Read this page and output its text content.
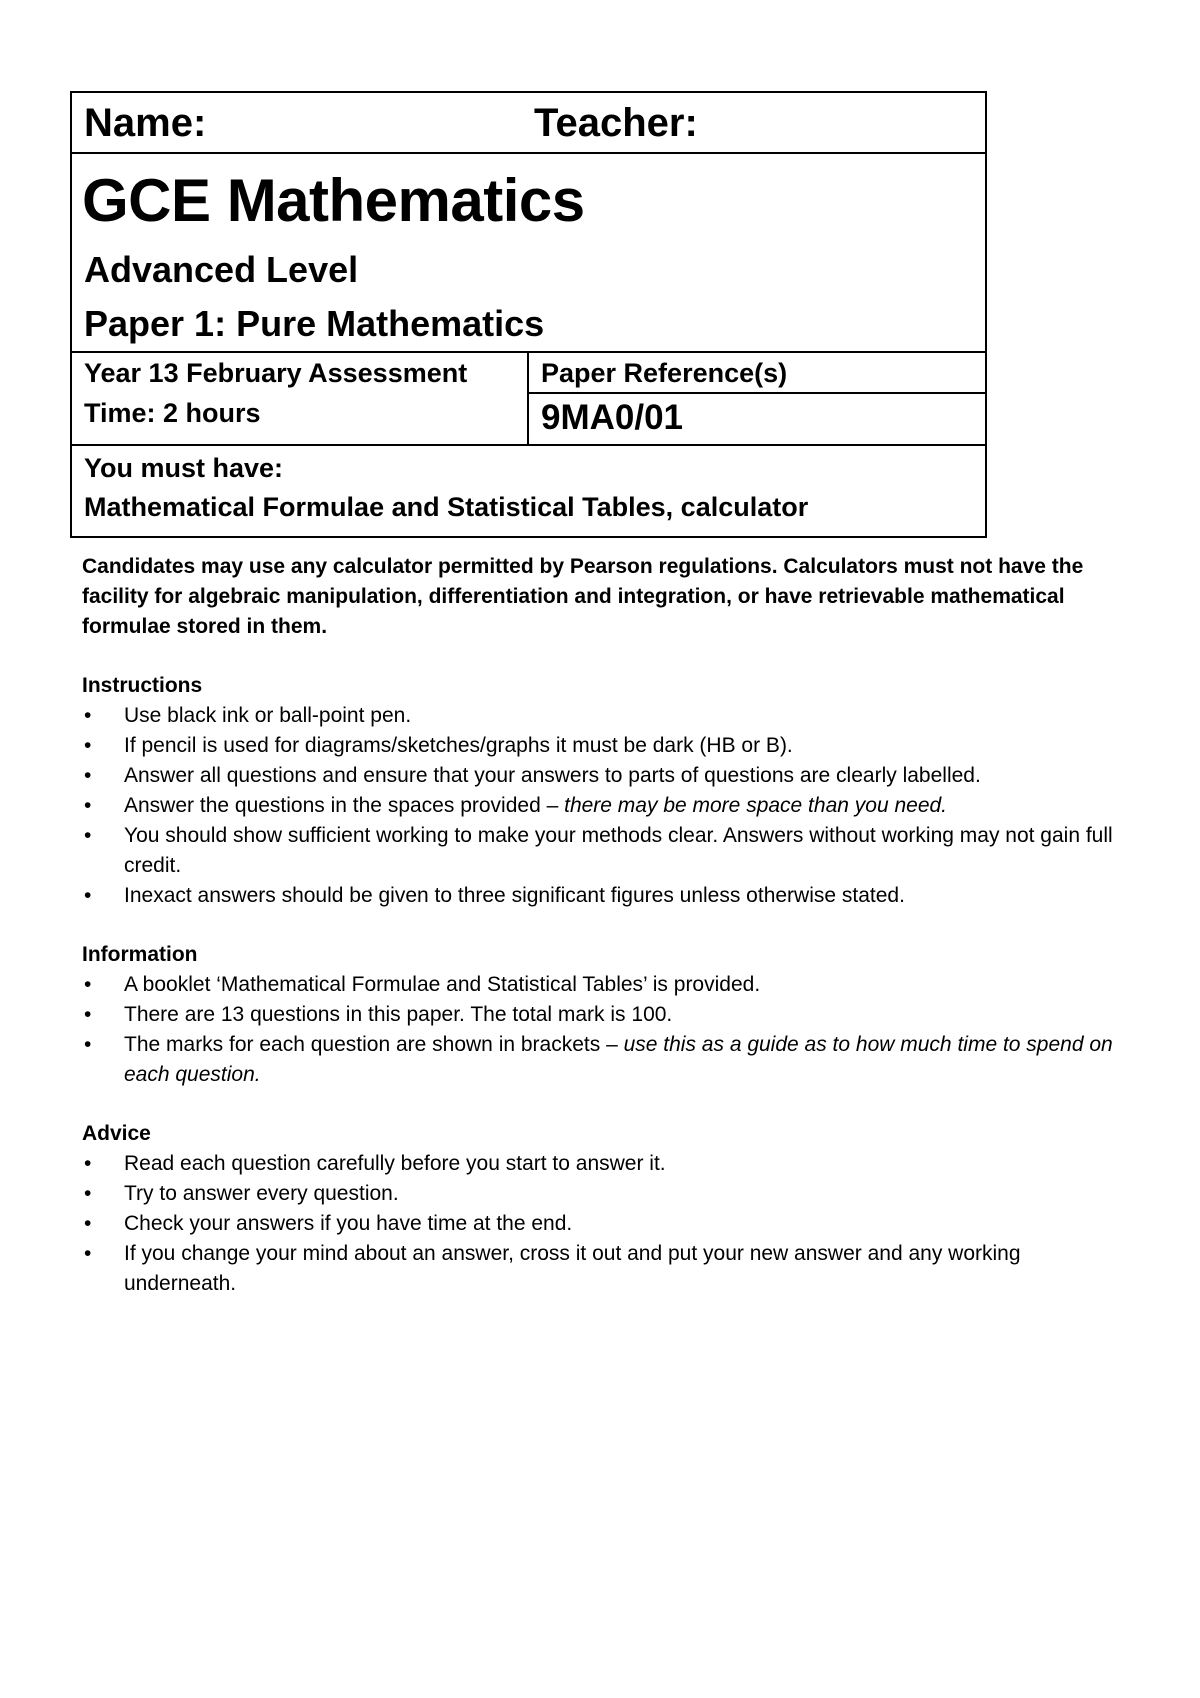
Name:	Teacher:
GCE Mathematics
Advanced Level
Paper 1: Pure Mathematics
Year 13 February Assessment
Time: 2 hours
Paper Reference(s)
9MA0/01
You must have:
Mathematical Formulae and Statistical Tables, calculator

Candidates may use any calculator permitted by Pearson regulations. Calculators must not have the facility for algebraic manipulation, differentiation and integration, or have retrievable mathematical formulae stored in them.

Instructions

• Use black ink or ball-point pen.
• If pencil is used for diagrams/sketches/graphs it must be dark (HB or B).
• Answer all questions and ensure that your answers to parts of questions are clearly labelled.
• Answer the questions in the spaces provided – there may be more space than you need.
• You should show sufficient working to make your methods clear. Answers without working may not gain full credit.
• Inexact answers should be given to three significant figures unless otherwise stated.

Information

• A booklet ‘Mathematical Formulae and Statistical Tables’ is provided.
• There are 13 questions in this paper. The total mark is 100.
• The marks for each question are shown in brackets – use this as a guide as to how much time to spend on each question.

Advice

• Read each question carefully before you start to answer it.
• Try to answer every question.
• Check your answers if you have time at the end.
• If you change your mind about an answer, cross it out and put your new answer and any working underneath.
